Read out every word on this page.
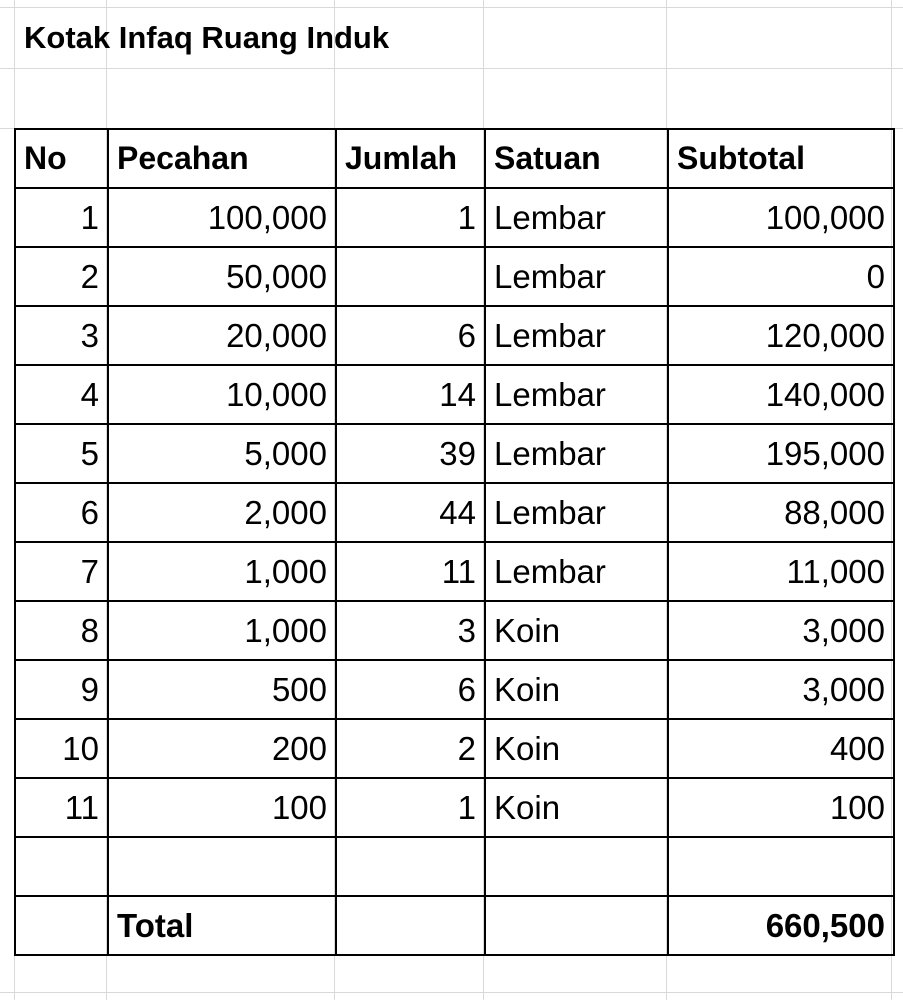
Kotak Infaq Ruang Induk
No	Pecahan	Jumlah	Satuan	Subtotal
1	100,000	1	Lembar	100,000
2	50,000		Lembar	0
3	20,000	6	Lembar	120,000
4	10,000	14	Lembar	140,000
5	5,000	39	Lembar	195,000
6	2,000	44	Lembar	88,000
7	1,000	11	Lembar	11,000
8	1,000	3	Koin	3,000
9	500	6	Koin	3,000
10	200	2	Koin	400
11	100	1	Koin	100

	Total			660,500
